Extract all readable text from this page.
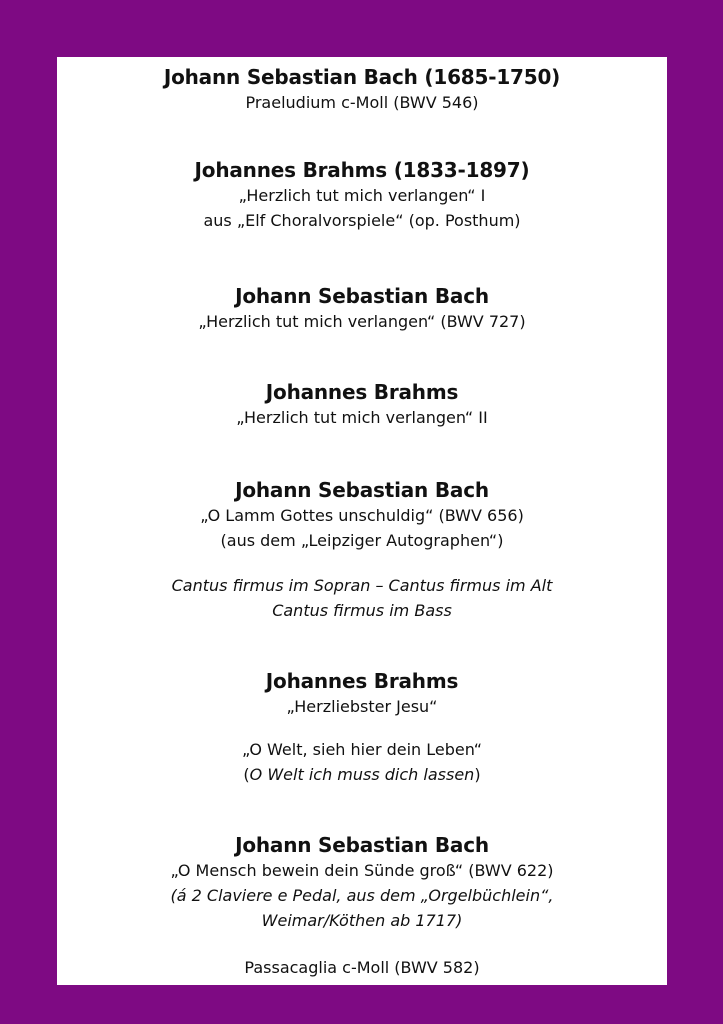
Johann Sebastian Bach (1685-1750)
Praeludium c-Moll (BWV 546)
Johannes Brahms (1833-1897)
„Herzlich tut mich verlangen“ I
aus „Elf Choralvorspiele“ (op. Posthum)
Johann Sebastian Bach
„Herzlich tut mich verlangen“ (BWV 727)
Johannes Brahms
„Herzlich tut mich verlangen“ II
Johann Sebastian Bach
„O Lamm Gottes unschuldig“ (BWV 656)
(aus dem „Leipziger Autographen“)
Cantus firmus im Sopran – Cantus firmus im Alt
Cantus firmus im Bass
Johannes Brahms
„Herzliebster Jesu“
„O Welt, sieh hier dein Leben“
(O Welt ich muss dich lassen)
Johann Sebastian Bach
„O Mensch bewein dein Sünde groß“ (BWV 622)
(á 2 Claviere e Pedal, aus dem „Orgelbüchlein“,
Weimar/Köthen ab 1717)
Passacaglia c-Moll (BWV 582)
